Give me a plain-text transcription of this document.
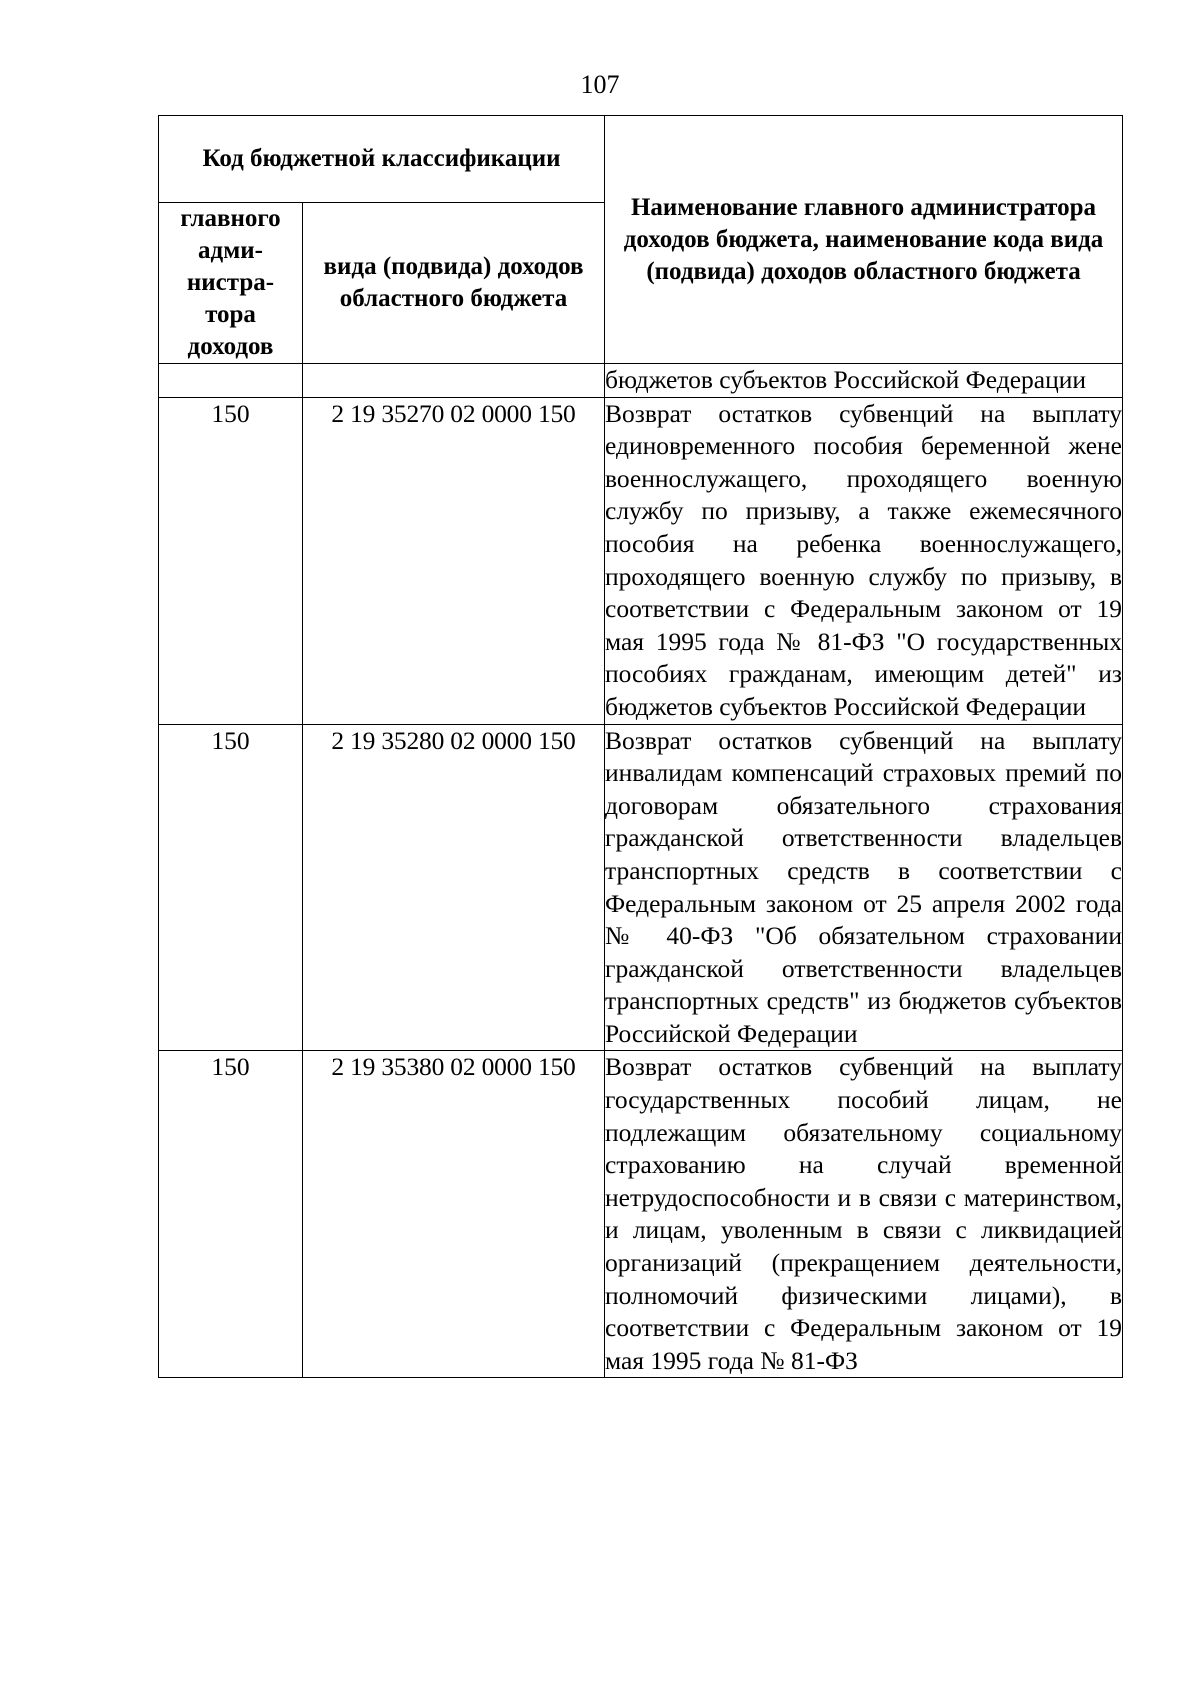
107
Код бюджетной классификации		Наименование главного администратора доходов бюджета, наименование кода вида (подвида) доходов областного бюджета
главного
адми-
нистра-
тора
доходов	вида (подвида) доходов областного бюджета	
		бюджетов субъектов Российской Федерации
150	2 19 35270 02 0000 150	Возврат остатков субвенций на выплату единовременного пособия беременной жене военнослужащего, проходящего военную службу по призыву, а также ежемесячного пособия на ребенка военнослужащего, проходящего военную службу по призыву, в соответствии с Федеральным законом от 19 мая 1995 года № 81-ФЗ "О государственных пособиях гражданам, имеющим детей" из бюджетов субъектов Российской Федерации
150	2 19 35280 02 0000 150	Возврат остатков субвенций на выплату инвалидам компенсаций страховых премий по договорам обязательного страхования гражданской ответственности владельцев транспортных средств в соответствии с Федеральным законом от 25 апреля 2002 года № 40-ФЗ "Об обязательном страховании гражданской ответственности владельцев транспортных средств" из бюджетов субъектов Российской Федерации
150	2 19 35380 02 0000 150	Возврат остатков субвенций на выплату государственных пособий лицам, не подлежащим обязательному социальному страхованию на случай временной нетрудоспособности и в связи с материнством, и лицам, уволенным в связи с ликвидацией организаций (прекращением деятельности, полномочий физическими лицами), в соответствии с Федеральным законом от 19 мая 1995 года № 81-ФЗ
